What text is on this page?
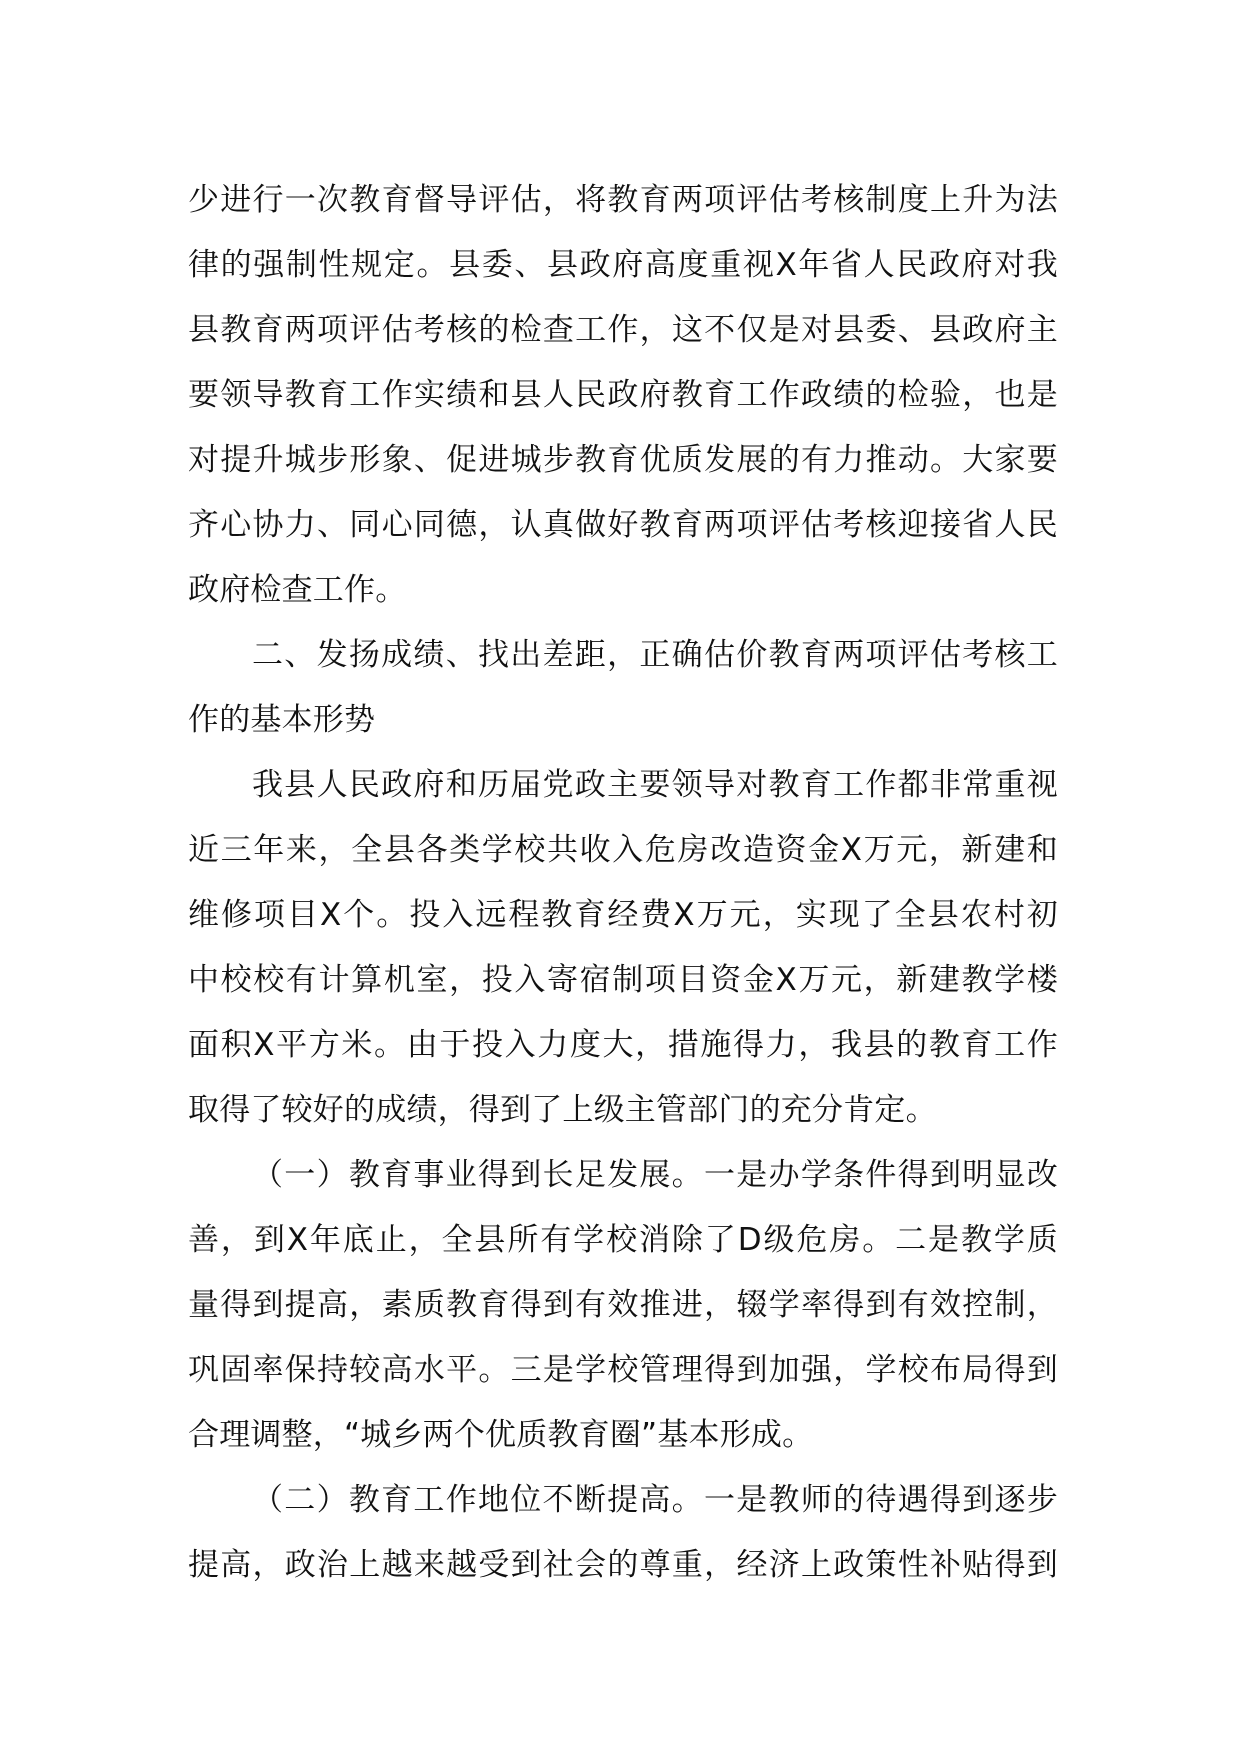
少进行一次教育督导评估，将教育两项评估考核制度上升为法
律的强制性规定。县委、县政府高度重视X年省人民政府对我
县教育两项评估考核的检查工作，这不仅是对县委、县政府主
要领导教育工作实绩和县人民政府教育工作政绩的检验，也是
对提升城步形象、促进城步教育优质发展的有力推动。大家要
齐心协力、同心同德，认真做好教育两项评估考核迎接省人民
政府检查工作。
二、发扬成绩、找出差距，正确估价教育两项评估考核工
作的基本形势
我县人民政府和历届党政主要领导对教育工作都非常重视
近三年来，全县各类学校共收入危房改造资金X万元，新建和
维修项目X个。投入远程教育经费X万元，实现了全县农村初
中校校有计算机室，投入寄宿制项目资金X万元，新建教学楼
面积X平方米。由于投入力度大，措施得力，我县的教育工作
取得了较好的成绩，得到了上级主管部门的充分肯定。
（一）教育事业得到长足发展。一是办学条件得到明显改
善，到X年底止，全县所有学校消除了D级危房。二是教学质
量得到提高，素质教育得到有效推进，辍学率得到有效控制，
巩固率保持较高水平。三是学校管理得到加强，学校布局得到
合理调整，“城乡两个优质教育圈”基本形成。
（二）教育工作地位不断提高。一是教师的待遇得到逐步
提高，政治上越来越受到社会的尊重，经济上政策性补贴得到
